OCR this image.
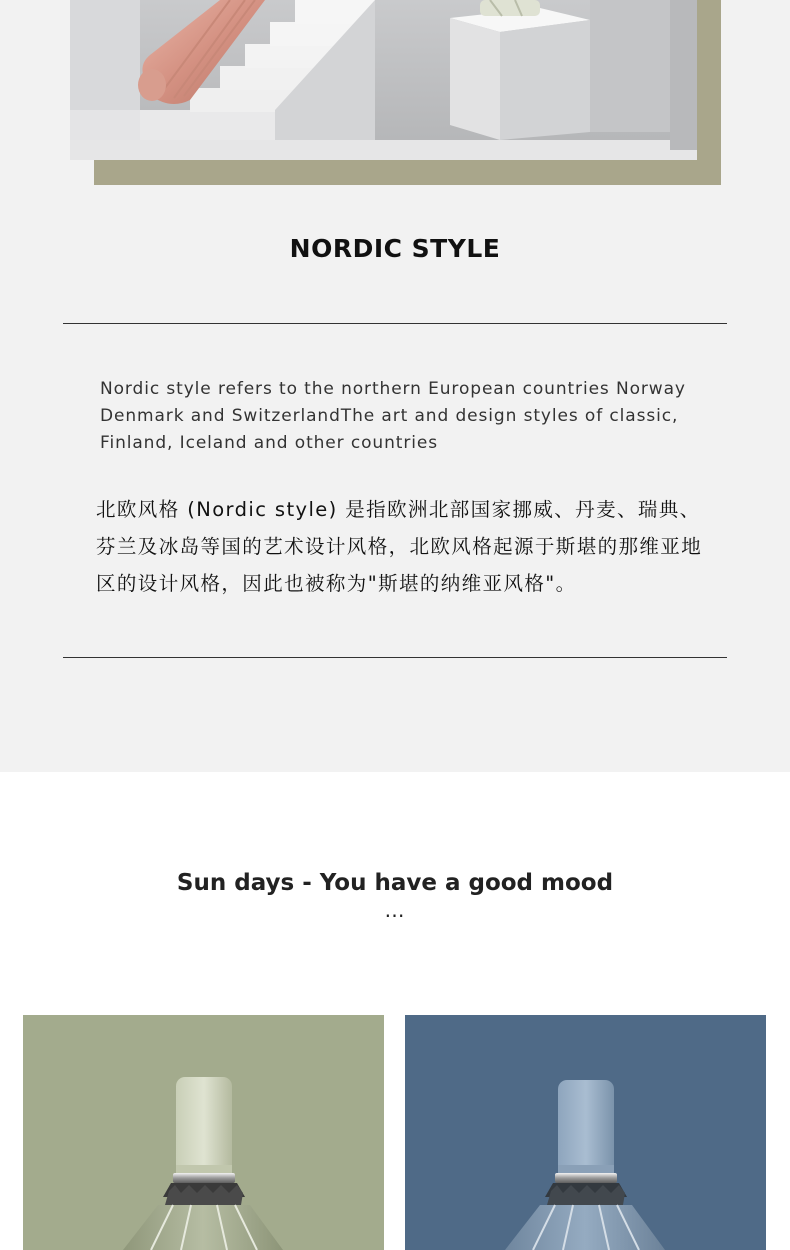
NORDIC STYLE

Nordic style refers to the northern European countries Norway Denmark and SwitzerlandThe art and design styles of classic, Finland, Iceland and other countries

北欧风格 (Nordic style) 是指欧洲北部国家挪威、丹麦、瑞典、芬兰及冰岛等国的艺术设计风格，北欧风格起源于斯堪的那维亚地区的设计风格，因此也被称为"斯堪的纳维亚风格"。

Sun days - You have a good mood
…
